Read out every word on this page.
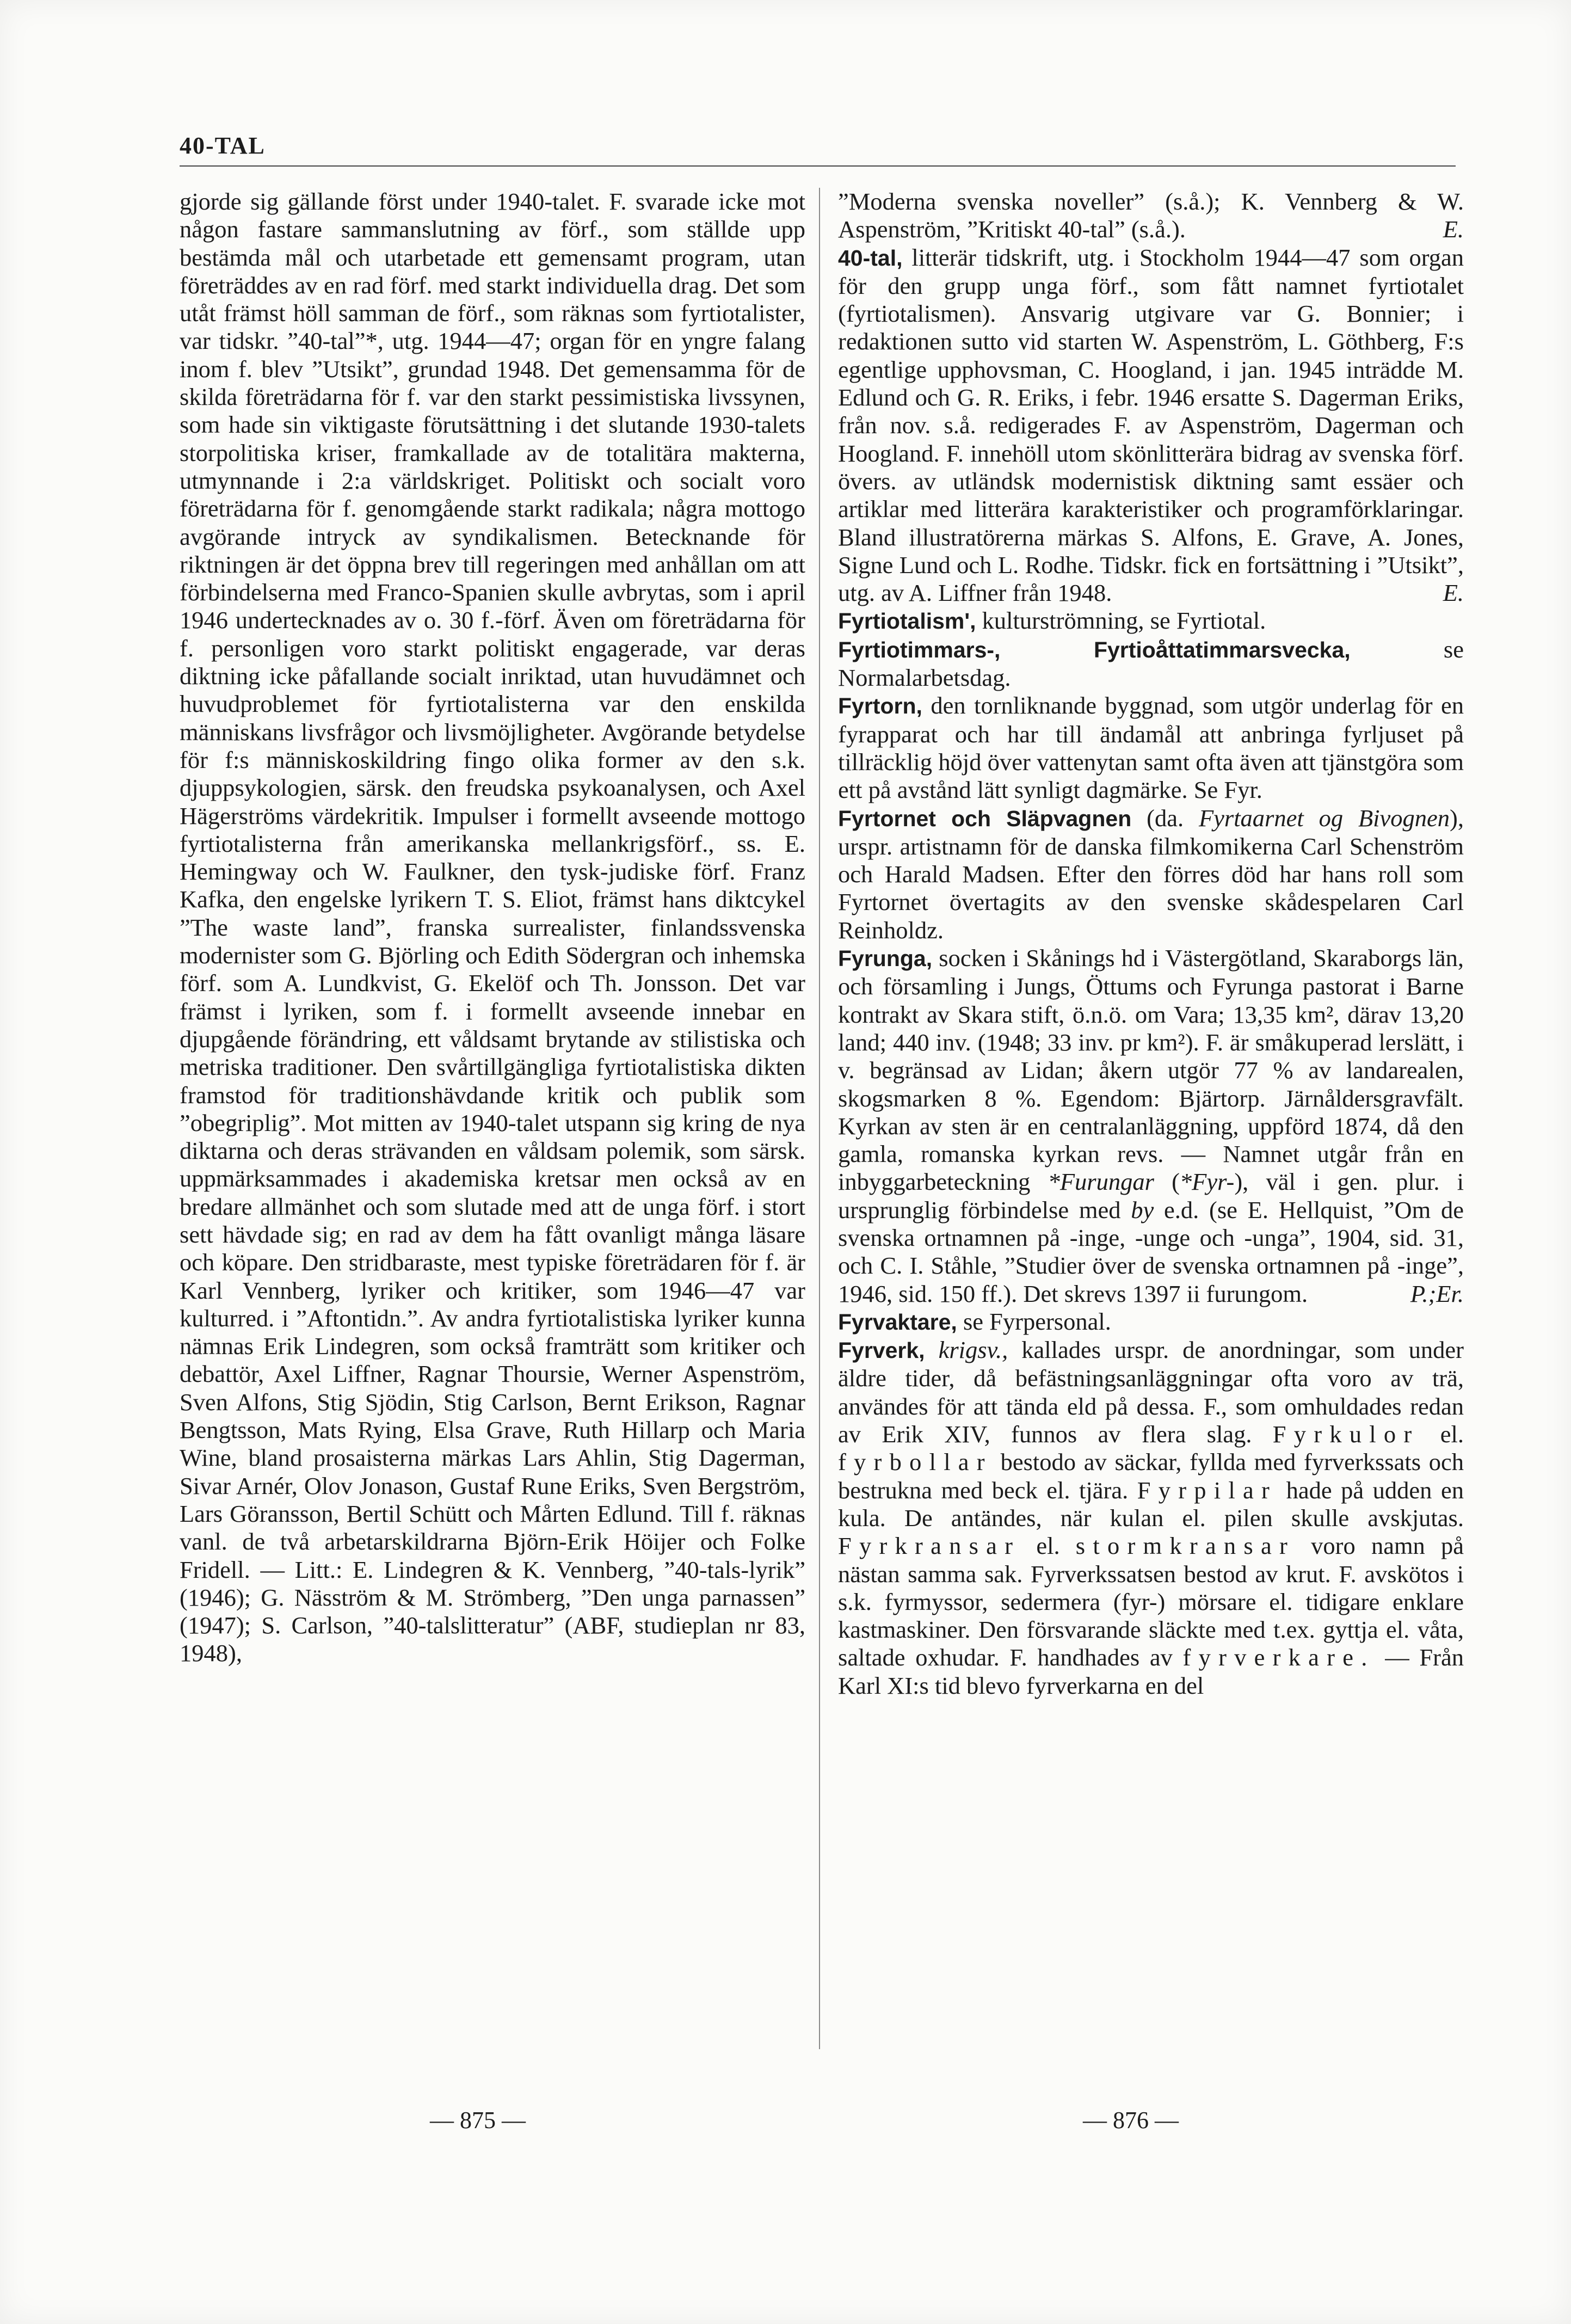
40-TAL

gjorde sig gällande först under 1940-talet. F. svarade icke mot någon fastare sammanslutning av förf., som ställde upp bestämda mål och utarbetade ett gemensamt program, utan företräddes av en rad förf. med starkt individuella drag. Det som utåt främst höll samman de förf., som räknas som fyrtiotalister, var tidskr. ”40-tal”*, utg. 1944—47; organ för en yngre falang inom f. blev ”Utsikt”, grundad 1948. Det gemensamma för de skilda företrädarna för f. var den starkt pessimistiska livssynen, som hade sin viktigaste förutsättning i det slutande 1930-talets storpolitiska kriser, framkallade av de totalitära makterna, utmynnande i 2:a världskriget. Politiskt och socialt voro företrädarna för f. genomgående starkt radikala; några mottogo avgörande intryck av syndikalismen. Betecknande för riktningen är det öppna brev till regeringen med anhållan om att förbindelserna med Franco-Spanien skulle avbrytas, som i april 1946 undertecknades av o. 30 f.-förf. Även om företrädarna för f. personligen voro starkt politiskt engagerade, var deras diktning icke påfallande socialt inriktad, utan huvudämnet och huvudproblemet för fyrtiotalisterna var den enskilda människans livsfrågor och livsmöjligheter. Avgörande betydelse för f:s människoskildring fingo olika former av den s.k. djuppsykologien, särsk. den freudska psykoanalysen, och Axel Hägerströms värdekritik. Impulser i formellt avseende mottogo fyrtiotalisterna från amerikanska mellankrigsförf., ss. E. Hemingway och W. Faulkner, den tysk-judiske förf. Franz Kafka, den engelske lyrikern T. S. Eliot, främst hans diktcykel ”The waste land”, franska surrealister, finlandssvenska modernister som G. Björling och Edith Södergran och inhemska förf. som A. Lundkvist, G. Ekelöf och Th. Jonsson. Det var främst i lyriken, som f. i formellt avseende innebar en djupgående förändring, ett våldsamt brytande av stilistiska och metriska traditioner. Den svårtillgängliga fyrtiotalistiska dikten framstod för traditionshävdande kritik och publik som ”obegriplig”. Mot mitten av 1940-talet utspann sig kring de nya diktarna och deras strävanden en våldsam polemik, som särsk. uppmärksammades i akademiska kretsar men också av en bredare allmänhet och som slutade med att de unga förf. i stort sett hävdade sig; en rad av dem ha fått ovanligt många läsare och köpare. Den stridbaraste, mest typiske företrädaren för f. är Karl Vennberg, lyriker och kritiker, som 1946—47 var kulturred. i ”Aftontidn.”. Av andra fyrtiotalistiska lyriker kunna nämnas Erik Lindegren, som också framträtt som kritiker och debattör, Axel Liffner, Ragnar Thoursie, Werner Aspenström, Sven Alfons, Stig Sjödin, Stig Carlson, Bernt Erikson, Ragnar Bengtsson, Mats Rying, Elsa Grave, Ruth Hillarp och Maria Wine, bland prosaisterna märkas Lars Ahlin, Stig Dagerman, Sivar Arnér, Olov Jonason, Gustaf Rune Eriks, Sven Bergström, Lars Göransson, Bertil Schütt och Mårten Edlund. Till f. räknas vanl. de två arbetarskildrarna Björn-Erik Höijer och Folke Fridell. — Litt.: E. Lindegren & K. Vennberg, ”40-tals-lyrik” (1946); G. Näsström & M. Strömberg, ”Den unga parnassen” (1947); S. Carlson, ”40-talslitteratur” (ABF, studieplan nr 83, 1948),

”Moderna svenska noveller” (s.å.); K. Vennberg & W. Aspenström, ”Kritiskt 40-tal” (s.å.).	E.

40-tal, litterär tidskrift, utg. i Stockholm 1944—47 som organ för den grupp unga förf., som fått namnet fyrtiotalet (fyrtiotalismen). Ansvarig utgivare var G. Bonnier; i redaktionen sutto vid starten W. Aspenström, L. Göthberg, F:s egentlige upphovsman, C. Hoogland, i jan. 1945 inträdde M. Edlund och G. R. Eriks, i febr. 1946 ersatte S. Dagerman Eriks, från nov. s.å. redigerades F. av Aspenström, Dagerman och Hoogland. F. innehöll utom skönlitterära bidrag av svenska förf. övers. av utländsk modernistisk diktning samt essäer och artiklar med litterära karakteristiker och programförklaringar. Bland illustratörerna märkas S. Alfons, E. Grave, A. Jones, Signe Lund och L. Rodhe. Tidskr. fick en fortsättning i ”Utsikt”, utg. av A. Liffner från 1948.	E.

Fyrtiotalism', kulturströmning, se Fyrtiotal.

Fyrtiotimmars-, Fyrtioåttatimmarsvecka, se Normalarbetsdag.

Fyrtorn, den tornliknande byggnad, som utgör underlag för en fyrapparat och har till ändamål att anbringa fyrljuset på tillräcklig höjd över vattenytan samt ofta även att tjänstgöra som ett på avstånd lätt synligt dagmärke. Se Fyr.

Fyrtornet och Släpvagnen (da. Fyrtaarnet og Bivognen), urspr. artistnamn för de danska filmkomikerna Carl Schenström och Harald Madsen. Efter den förres död har hans roll som Fyrtornet övertagits av den svenske skådespelaren Carl Reinholdz.

Fyrunga, socken i Skånings hd i Västergötland, Skaraborgs län, och församling i Jungs, Öttums och Fyrunga pastorat i Barne kontrakt av Skara stift, ö.n.ö. om Vara; 13,35 km², därav 13,20 land; 440 inv. (1948; 33 inv. pr km²). F. är småkuperad lerslätt, i v. begränsad av Lidan; åkern utgör 77 % av landarealen, skogsmarken 8 %. Egendom: Bjärtorp. Järnåldersgravfält. Kyrkan av sten är en centralanläggning, uppförd 1874, då den gamla, romanska kyrkan revs. — Namnet utgår från en inbyggarbeteckning *Furungar (*Fyr-), väl i gen. plur. i ursprunglig förbindelse med by e.d. (se E. Hellquist, ”Om de svenska ortnamnen på -inge, -unge och -unga”, 1904, sid. 31, och C. I. Ståhle, ”Studier över de svenska ortnamnen på -inge”, 1946, sid. 150 ff.). Det skrevs 1397 ii furungom.	P.;Er.

Fyrvaktare, se Fyrpersonal.

Fyrverk, krigsv., kallades urspr. de anordningar, som under äldre tider, då befästningsanläggningar ofta voro av trä, användes för att tända eld på dessa. F., som omhuldades redan av Erik XIV, funnos av flera slag. Fyrkulor el. fyrbollar bestodo av säckar, fyllda med fyrverkssats och bestrukna med beck el. tjära. Fyrpilar hade på udden en kula. De antändes, när kulan el. pilen skulle avskjutas. Fyrkransar el. stormkransar voro namn på nästan samma sak. Fyrverkssatsen bestod av krut. F. avskötos i s.k. fyrmyssor, sedermera (fyr-) mörsare el. tidigare enklare kastmaskiner. Den försvarande släckte med t.ex. gyttja el. våta, saltade oxhudar. F. handhades av fyrverkare. — Från Karl XI:s tid blevo fyrverkarna en del

— 875 —	— 876 —
